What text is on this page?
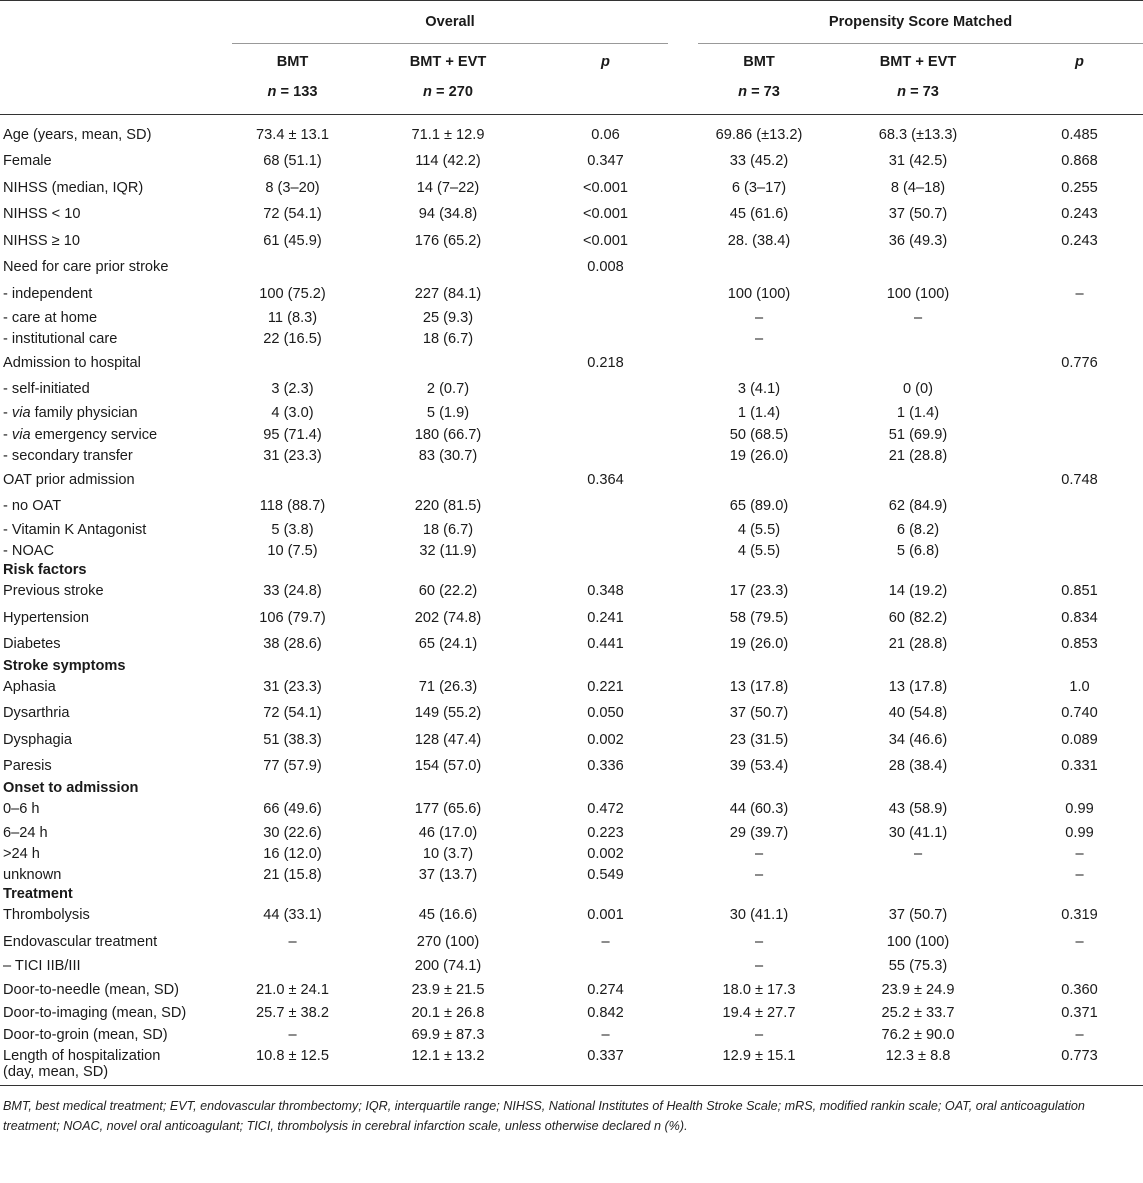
	Overall				Propensity Score Matched		
	BMT	BMT + EVT	p		BMT	BMT + EVT	p
	n = 133	n = 270			n = 73	n = 73	

Age (years, mean, SD)	73.4 ± 13.1	71.1 ± 12.9	0.06		69.86 (±13.2)	68.3 (±13.3)	0.485
Female	68 (51.1)	114 (42.2)	0.347		33 (45.2)	31 (42.5)	0.868
NIHSS (median, IQR)	8 (3–20)	14 (7–22)	<0.001		6 (3–17)	8 (4–18)	0.255
NIHSS < 10	72 (54.1)	94 (34.8)	<0.001		45 (61.6)	37 (50.7)	0.243
NIHSS ≥ 10	61 (45.9)	176 (65.2)	<0.001		28. (38.4)	36 (49.3)	0.243
Need for care prior stroke			0.008				
- independent	100 (75.2)	227 (84.1)			100 (100)	100 (100)	–
- care at home	11 (8.3)	25 (9.3)			–	–	
- institutional care	22 (16.5)	18 (6.7)			–		
Admission to hospital			0.218				0.776
- self-initiated	3 (2.3)	2 (0.7)			3 (4.1)	0 (0)	
- via family physician	4 (3.0)	5 (1.9)			1 (1.4)	1 (1.4)	
- via emergency service	95 (71.4)	180 (66.7)			50 (68.5)	51 (69.9)	
- secondary transfer	31 (23.3)	83 (30.7)			19 (26.0)	21 (28.8)	
OAT prior admission			0.364				0.748
- no OAT	118 (88.7)	220 (81.5)			65 (89.0)	62 (84.9)	
- Vitamin K Antagonist	5 (3.8)	18 (6.7)			4 (5.5)	6 (8.2)	
- NOAC	10 (7.5)	32 (11.9)			4 (5.5)	5 (6.8)	
Risk factors							
Previous stroke	33 (24.8)	60 (22.2)	0.348		17 (23.3)	14 (19.2)	0.851
Hypertension	106 (79.7)	202 (74.8)	0.241		58 (79.5)	60 (82.2)	0.834
Diabetes	38 (28.6)	65 (24.1)	0.441		19 (26.0)	21 (28.8)	0.853
Stroke symptoms							
Aphasia	31 (23.3)	71 (26.3)	0.221		13 (17.8)	13 (17.8)	1.0
Dysarthria	72 (54.1)	149 (55.2)	0.050		37 (50.7)	40 (54.8)	0.740
Dysphagia	51 (38.3)	128 (47.4)	0.002		23 (31.5)	34 (46.6)	0.089
Paresis	77 (57.9)	154 (57.0)	0.336		39 (53.4)	28 (38.4)	0.331
Onset to admission							
0–6 h	66 (49.6)	177 (65.6)	0.472		44 (60.3)	43 (58.9)	0.99
6–24 h	30 (22.6)	46 (17.0)	0.223		29 (39.7)	30 (41.1)	0.99
>24 h	16 (12.0)	10 (3.7)	0.002		–	–	–
unknown	21 (15.8)	37 (13.7)	0.549		–		–
Treatment							
Thrombolysis	44 (33.1)	45 (16.6)	0.001		30 (41.1)	37 (50.7)	0.319
Endovascular treatment	–	270 (100)	–		–	100 (100)	–
– TICI IIB/III		200 (74.1)			–	55 (75.3)	
Door-to-needle (mean, SD)	21.0 ± 24.1	23.9 ± 21.5	0.274		18.0 ± 17.3	23.9 ± 24.9	0.360
Door-to-imaging (mean, SD)	25.7 ± 38.2	20.1 ± 26.8	0.842		19.4 ± 27.7	25.2 ± 33.7	0.371
Door-to-groin (mean, SD)	–	69.9 ± 87.3	–		–	76.2 ± 90.0	–
Length of hospitalization
(day, mean, SD)	10.8 ± 12.5	12.1 ± 13.2	0.337		12.9 ± 15.1	12.3 ± 8.8	0.773
BMT, best medical treatment; EVT, endovascular thrombectomy; IQR, interquartile range; NIHSS, National Institutes of Health Stroke Scale; mRS, modified rankin scale; OAT, oral anticoagulation treatment; NOAC, novel oral anticoagulant; TICI, thrombolysis in cerebral infarction scale, unless otherwise declared n (%).
